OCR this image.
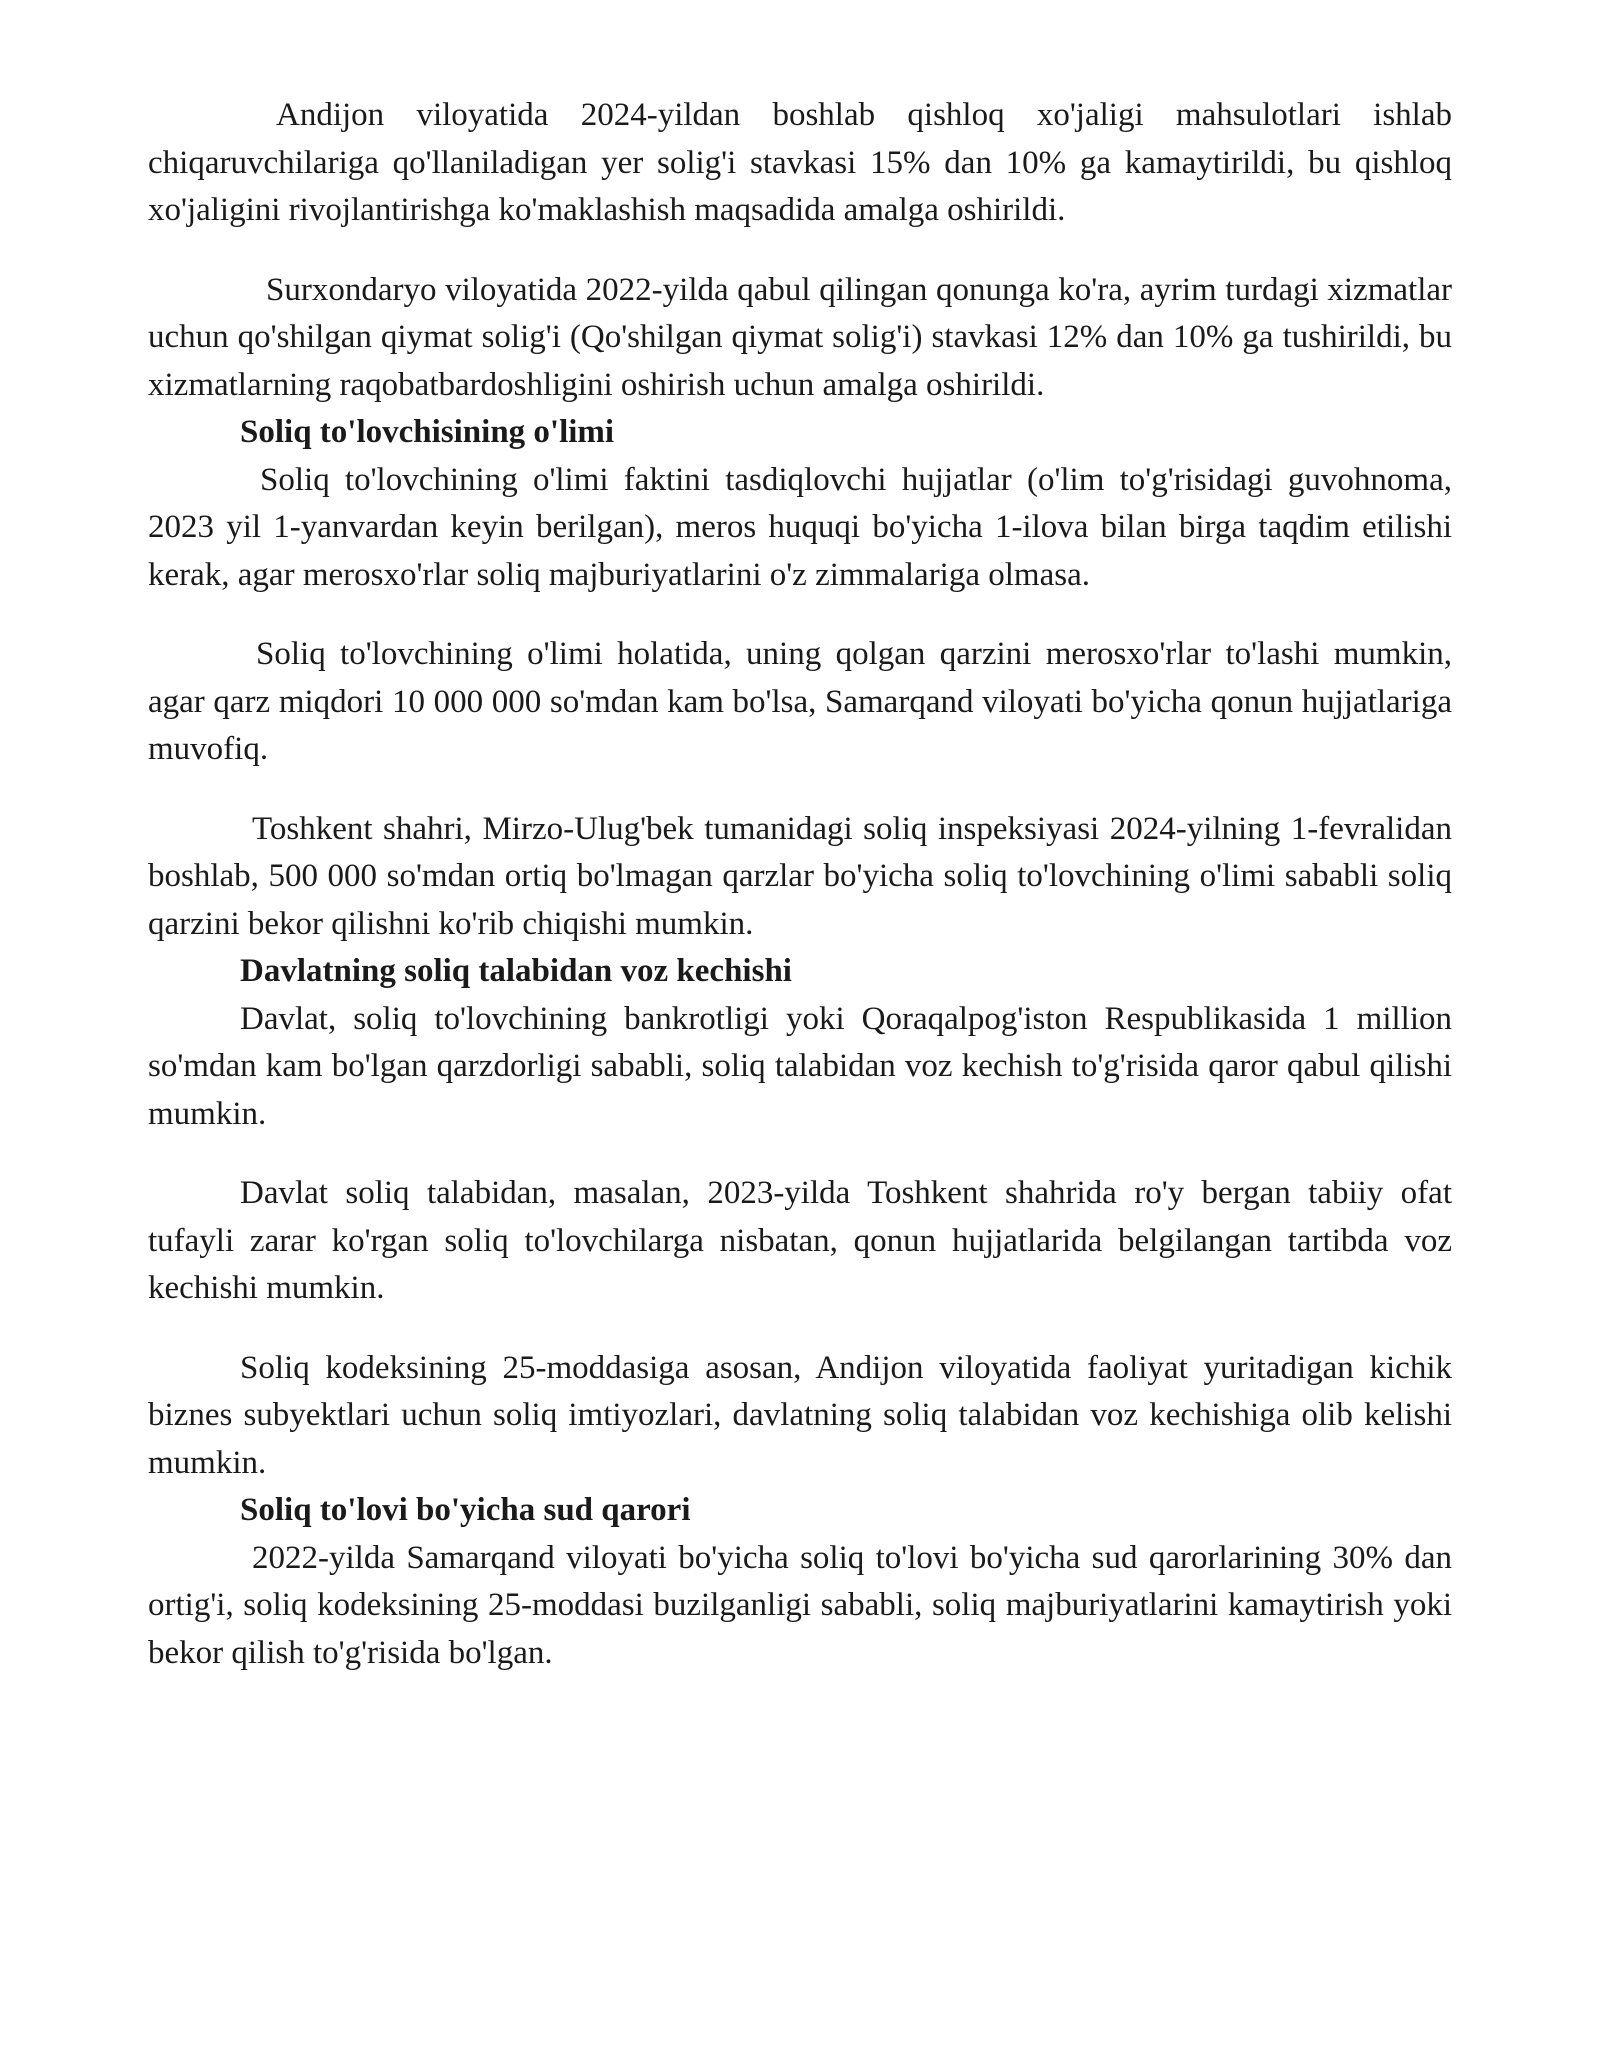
Andijon viloyatida 2024-yildan boshlab qishloq xo'jaligi mahsulotlari ishlab chiqaruvchilariga qo'llaniladigan yer solig'i stavkasi 15% dan 10% ga kamaytirildi, bu qishloq xo'jaligini rivojlantirishga ko'maklashish maqsadida amalga oshirildi.

Surxondaryo viloyatida 2022-yilda qabul qilingan qonunga ko'ra, ayrim turdagi xizmatlar uchun qo'shilgan qiymat solig'i (Qo'shilgan qiymat solig'i) stavkasi 12% dan 10% ga tushirildi, bu xizmatlarning raqobatbardoshligini oshirish uchun amalga oshirildi.

Soliq to'lovchisining o'limi

Soliq to'lovchining o'limi faktini tasdiqlovchi hujjatlar (o'lim to'g'risidagi guvohnoma, 2023 yil 1-yanvardan keyin berilgan), meros huquqi bo'yicha 1-ilova bilan birga taqdim etilishi kerak, agar merosxo'rlar soliq majburiyatlarini o'z zimmalariga olmasa.

Soliq to'lovchining o'limi holatida, uning qolgan qarzini merosxo'rlar to'lashi mumkin, agar qarz miqdori 10 000 000 so'mdan kam bo'lsa, Samarqand viloyati bo'yicha qonun hujjatlariga muvofiq.

Toshkent shahri, Mirzo-Ulug'bek tumanidagi soliq inspeksiyasi 2024-yilning 1-fevralidan boshlab, 500 000 so'mdan ortiq bo'lmagan qarzlar bo'yicha soliq to'lovchining o'limi sababli soliq qarzini bekor qilishni ko'rib chiqishi mumkin.

Davlatning soliq talabidan voz kechishi

Davlat, soliq to'lovchining bankrotligi yoki Qoraqalpog'iston Respublikasida 1 million so'mdan kam bo'lgan qarzdorligi sababli, soliq talabidan voz kechish to'g'risida qaror qabul qilishi mumkin.

Davlat soliq talabidan, masalan, 2023-yilda Toshkent shahrida ro'y bergan tabiiy ofat tufayli zarar ko'rgan soliq to'lovchilarga nisbatan, qonun hujjatlarida belgilangan tartibda voz kechishi mumkin.

Soliq kodeksining 25-moddasiga asosan, Andijon viloyatida faoliyat yuritadigan kichik biznes subyektlari uchun soliq imtiyozlari, davlatning soliq talabidan voz kechishiga olib kelishi mumkin.

Soliq to'lovi bo'yicha sud qarori

2022-yilda Samarqand viloyati bo'yicha soliq to'lovi bo'yicha sud qarorlarining 30% dan ortig'i, soliq kodeksining 25-moddasi buzilganligi sababli, soliq majburiyatlarini kamaytirish yoki bekor qilish to'g'risida bo'lgan.
